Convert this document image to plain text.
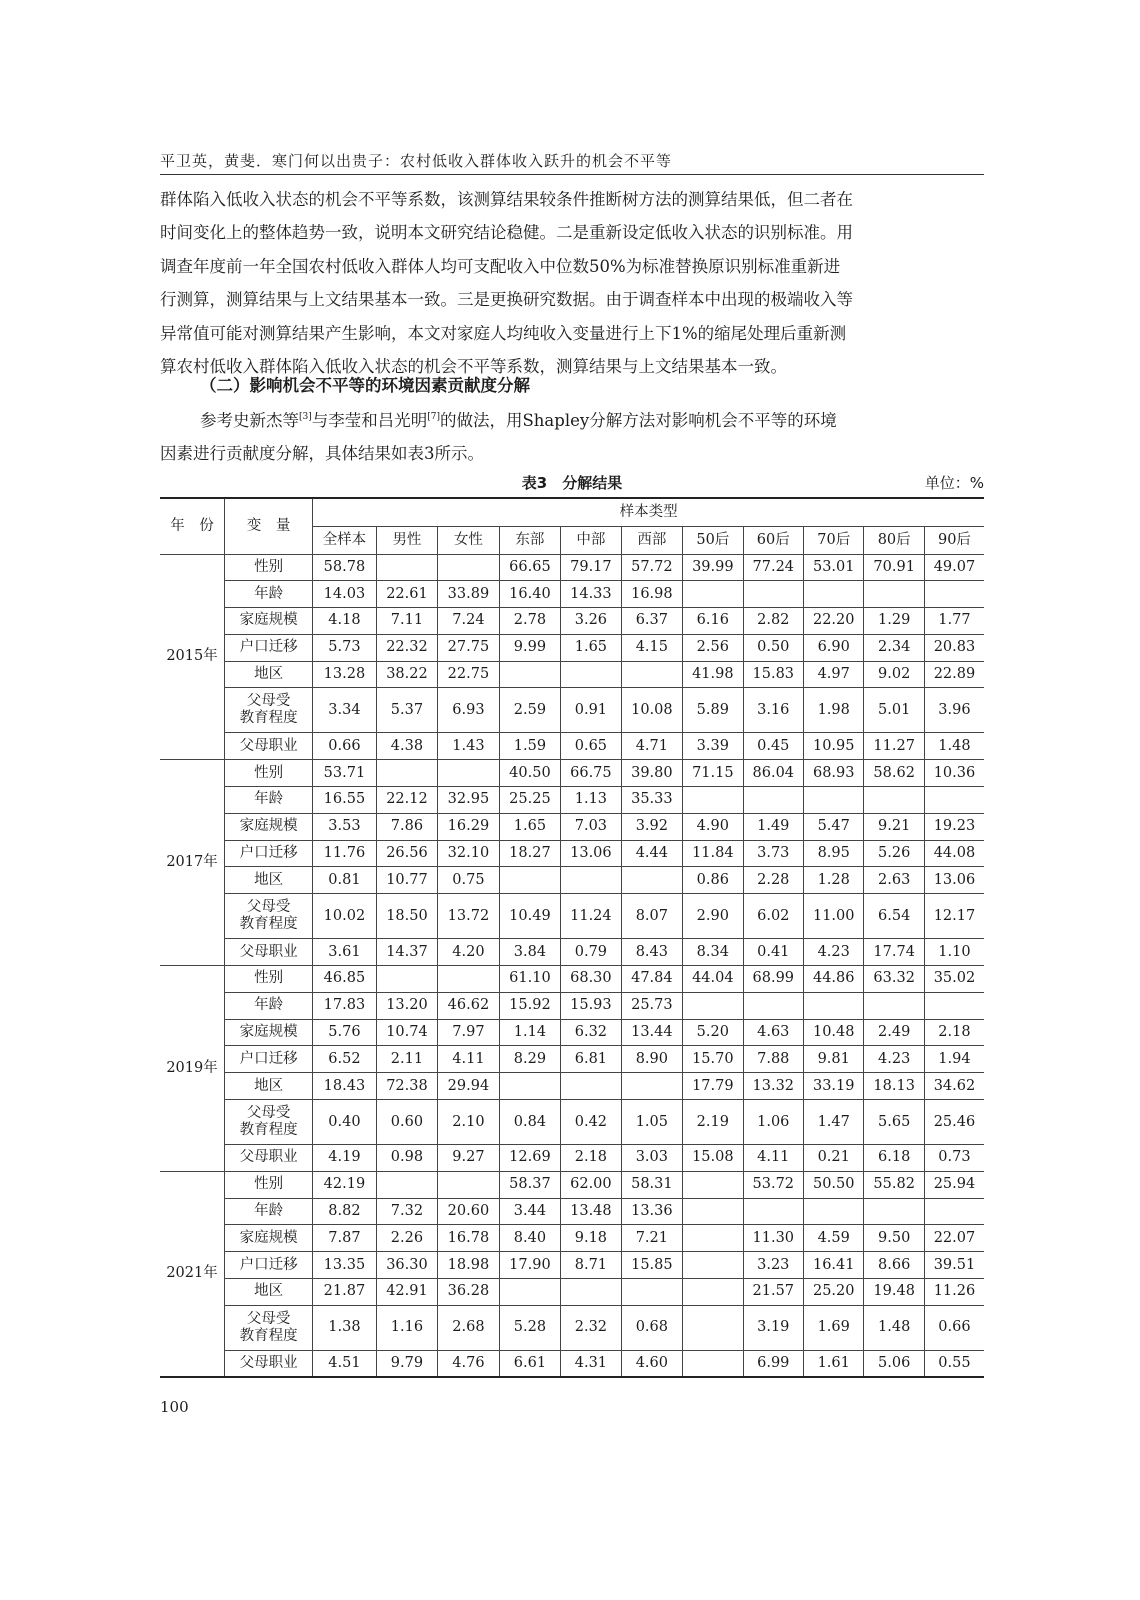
平卫英，黄斐．寒门何以出贵子：农村低收入群体收入跃升的机会不平等

群体陷入低收入状态的机会不平等系数，该测算结果较条件推断树方法的测算结果低，但二者在
时间变化上的整体趋势一致，说明本文研究结论稳健。二是重新设定低收入状态的识别标准。用
调查年度前一年全国农村低收入群体人均可支配收入中位数50%为标准替换原识别标准重新进
行测算，测算结果与上文结果基本一致。三是更换研究数据。由于调查样本中出现的极端收入等
异常值可能对测算结果产生影响，本文对家庭人均纯收入变量进行上下1%的缩尾处理后重新测
算农村低收入群体陷入低收入状态的机会不平等系数，测算结果与上文结果基本一致。

（二）影响机会不平等的环境因素贡献度分解

参考史新杰等[3]与李莹和吕光明[7]的做法，用Shapley分解方法对影响机会不平等的环境
因素进行贡献度分解，具体结果如表3所示。

表3　分解结果	单位：%
年　份	变　量	样本类型										
		全样本	男性	女性	东部	中部	西部	50后	60后	70后	80后	90后
2015年	性别	58.78			66.65	79.17	57.72	39.99	77.24	53.01	70.91	49.07
	年龄	14.03	22.61	33.89	16.40	14.33	16.98					
	家庭规模	4.18	7.11	7.24	2.78	3.26	6.37	6.16	2.82	22.20	1.29	1.77
	户口迁移	5.73	22.32	27.75	9.99	1.65	4.15	2.56	0.50	6.90	2.34	20.83
	地区	13.28	38.22	22.75				41.98	15.83	4.97	9.02	22.89

	父母受
教育程度	3.34	5.37	6.93	2.59	0.91	10.08	5.89	3.16	1.98	5.01	3.96
	父母职业	0.66	4.38	1.43	1.59	0.65	4.71	3.39	0.45	10.95	11.27	1.48
2017年	性别	53.71			40.50	66.75	39.80	71.15	86.04	68.93	58.62	10.36
	年龄	16.55	22.12	32.95	25.25	1.13	35.33					
	家庭规模	3.53	7.86	16.29	1.65	7.03	3.92	4.90	1.49	5.47	9.21	19.23
	户口迁移	11.76	26.56	32.10	18.27	13.06	4.44	11.84	3.73	8.95	5.26	44.08
	地区	0.81	10.77	0.75				0.86	2.28	1.28	2.63	13.06

	父母受
教育程度	10.02	18.50	13.72	10.49	11.24	8.07	2.90	6.02	11.00	6.54	12.17
	父母职业	3.61	14.37	4.20	3.84	0.79	8.43	8.34	0.41	4.23	17.74	1.10
2019年	性别	46.85			61.10	68.30	47.84	44.04	68.99	44.86	63.32	35.02
	年龄	17.83	13.20	46.62	15.92	15.93	25.73					
	家庭规模	5.76	10.74	7.97	1.14	6.32	13.44	5.20	4.63	10.48	2.49	2.18
	户口迁移	6.52	2.11	4.11	8.29	6.81	8.90	15.70	7.88	9.81	4.23	1.94
	地区	18.43	72.38	29.94				17.79	13.32	33.19	18.13	34.62

	父母受
教育程度	0.40	0.60	2.10	0.84	0.42	1.05	2.19	1.06	1.47	5.65	25.46
	父母职业	4.19	0.98	9.27	12.69	2.18	3.03	15.08	4.11	0.21	6.18	0.73
2021年	性别	42.19			58.37	62.00	58.31		53.72	50.50	55.82	25.94
	年龄	8.82	7.32	20.60	3.44	13.48	13.36					
	家庭规模	7.87	2.26	16.78	8.40	9.18	7.21		11.30	4.59	9.50	22.07
	户口迁移	13.35	36.30	18.98	17.90	8.71	15.85		3.23	16.41	8.66	39.51
	地区	21.87	42.91	36.28					21.57	25.20	19.48	11.26

	父母受
教育程度	1.38	1.16	2.68	5.28	2.32	0.68		3.19	1.69	1.48	0.66
	父母职业	4.51	9.79	4.76	6.61	4.31	4.60		6.99	1.61	5.06	0.55
100
